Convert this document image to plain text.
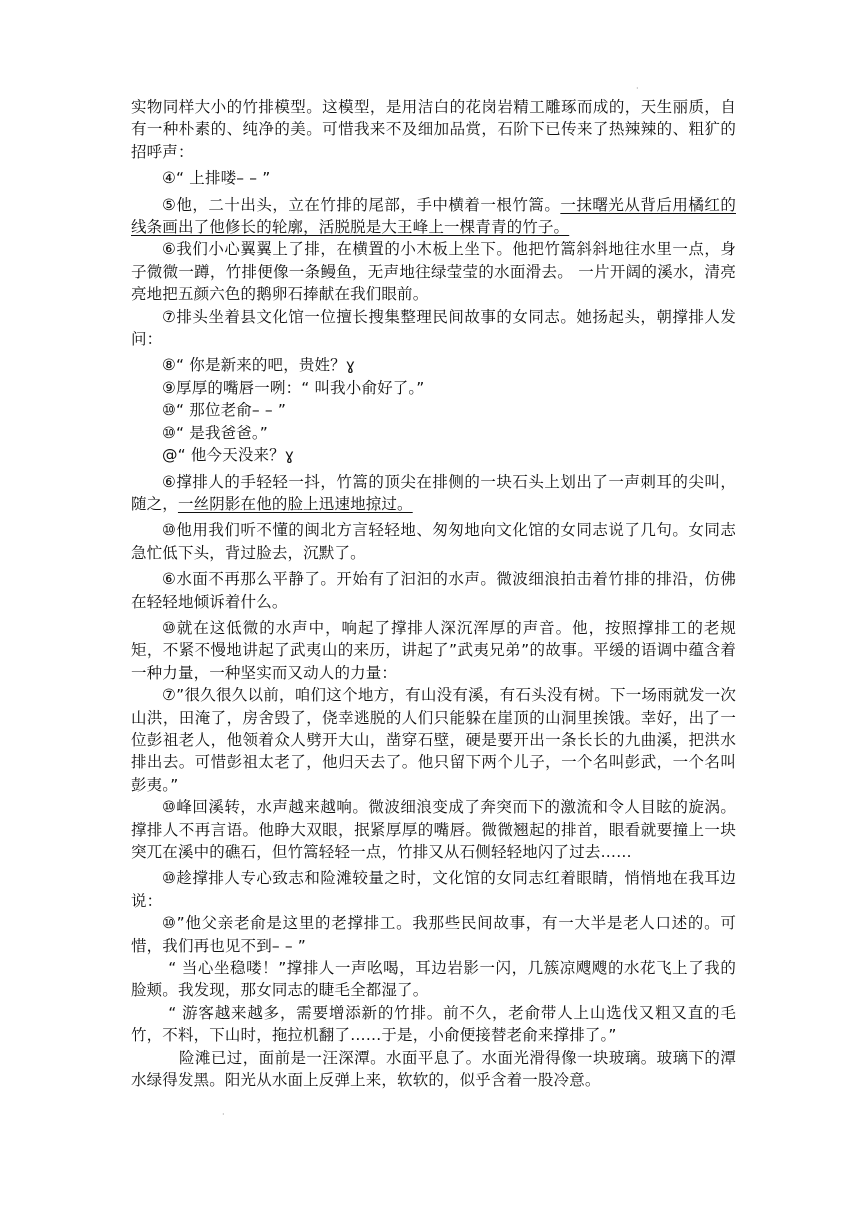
·

实物同样大小的竹排模型。这模型，是用洁白的花岗岩精工雕琢而成的，天生丽质，自有一种朴素的、纯净的美。可惜我来不及细加品赏，石阶下已传来了热辣辣的、粗犷的招呼声：

④“ 上排喽– – ”

⑤他，二十出头，立在竹排的尾部，手中横着一根竹篙。一抹曙光从背后用橘红的线条画出了他修长的轮廓，活脱脱是大王峰上一棵青青的竹子。

⑥我们小心翼翼上了排，在横置的小木板上坐下。他把竹篙斜斜地往水里一点，身子微微一蹲，竹排便像一条鳗鱼，无声地往绿莹莹的水面滑去。 一片开阔的溪水，清亮亮地把五颜六色的鹅卵石捧献在我们眼前。

⑦排头坐着县文化馆一位擅长搜集整理民间故事的女同志。她扬起头，朝撑排人发问：

⑧“ 你是新来的吧，贵姓？ɣ

⑨厚厚的嘴唇一咧：“ 叫我小俞好了。”

⑩“ 那位老俞– – ”

⑩“ 是我爸爸。”

@“ 他今天没来？ɣ

⑥撑排人的手轻轻一抖，竹篙的顶尖在排侧的一块石头上划出了一声刺耳的尖叫，随之，一丝阴影在他的脸上迅速地掠过。

⑩他用我们听不懂的闽北方言轻轻地、匆匆地向文化馆的女同志说了几句。女同志急忙低下头，背过脸去，沉默了。

⑥水面不再那么平静了。开始有了汩汩的水声。微波细浪拍击着竹排的排沿，仿佛在轻轻地倾诉着什么。

⑩就在这低微的水声中，响起了撑排人深沉浑厚的声音。他，按照撑排工的老规矩，不紧不慢地讲起了武夷山的来历，讲起了”武夷兄弟”的故事。平缓的语调中蕴含着一种力量，一种坚实而又动人的力量：

⑦”很久很久以前，咱们这个地方，有山没有溪，有石头没有树。下一场雨就发一次山洪，田淹了，房舍毁了，侥幸逃脱的人们只能躲在崖顶的山洞里挨饿。幸好，出了一位彭祖老人，他领着众人劈开大山，凿穿石壁，硬是要开出一条长长的九曲溪，把洪水排出去。可惜彭祖太老了，他归天去了。他只留下两个儿子，一个名叫彭武，一个名叫彭夷。”

⑩峰回溪转，水声越来越响。微波细浪变成了奔突而下的激流和令人目眩的旋涡。撑排人不再言语。他睁大双眼，抿紧厚厚的嘴唇。微微翘起的排首，眼看就要撞上一块突兀在溪中的礁石，但竹篙轻轻一点，竹排又从石侧轻轻地闪了过去……

⑩趁撑排人专心致志和险滩较量之时，文化馆的女同志红着眼睛，悄悄地在我耳边说：

⑩”他父亲老俞是这里的老撑排工。我那些民间故事，有一大半是老人口述的。可惜，我们再也见不到– – ”

“ 当心坐稳喽！”撑排人一声吆喝，耳边岩影一闪，几簇凉飕飕的水花飞上了我的脸颊。我发现，那女同志的睫毛全都湿了。

“ 游客越来越多，需要增添新的竹排。前不久，老俞带人上山选伐又粗又直的毛竹，不料，下山时，拖拉机翻了……于是，小俞便接替老俞来撑排了。”

险滩已过，面前是一汪深潭。水面平息了。水面光滑得像一块玻璃。玻璃下的潭水绿得发黑。阳光从水面上反弹上来，软软的，似乎含着一股冷意。

·
